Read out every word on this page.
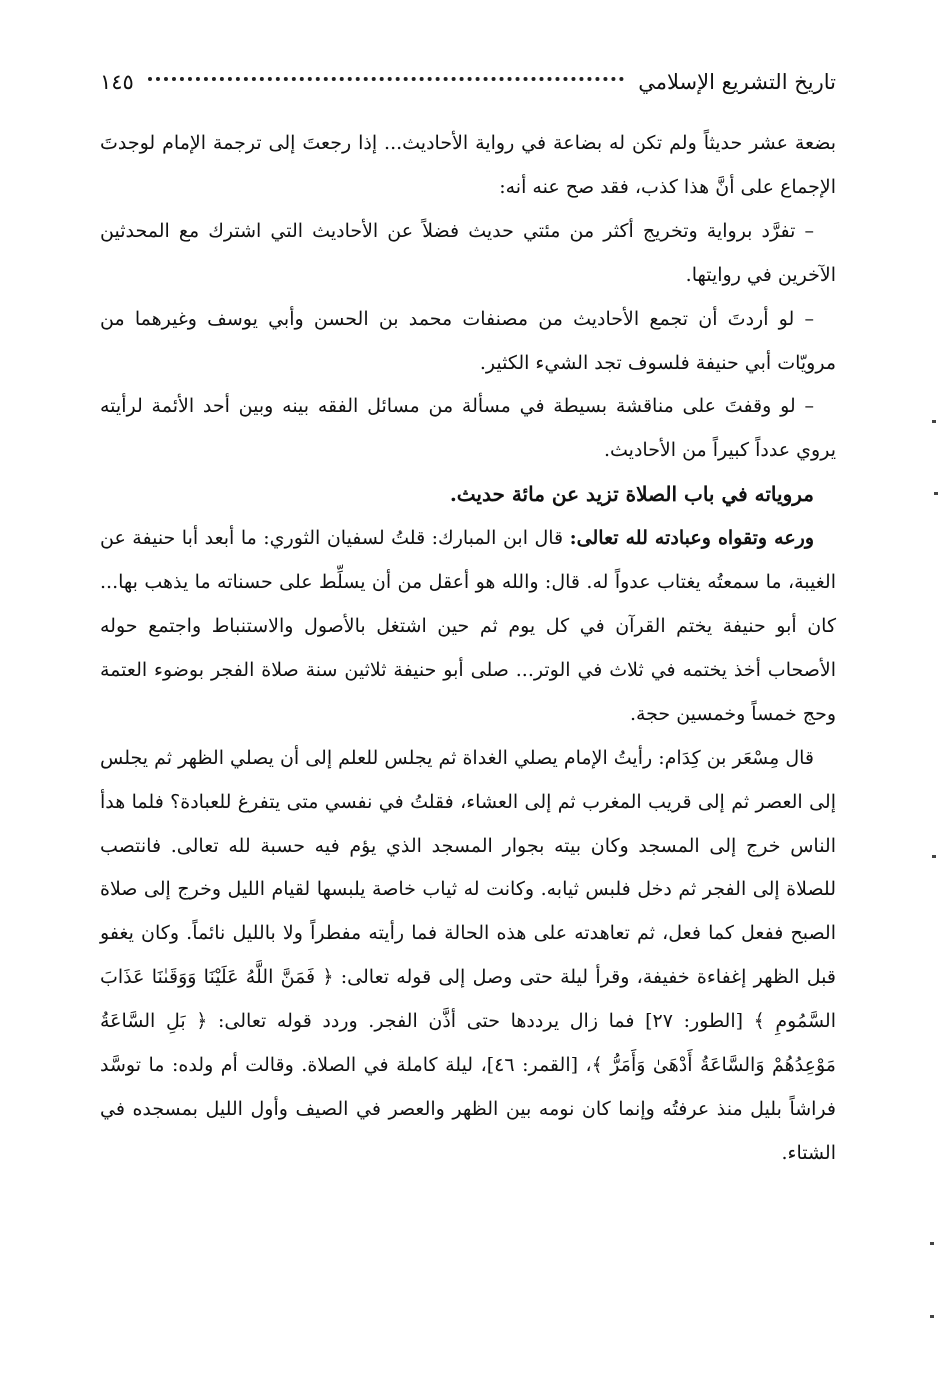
تاريخ التشريع الإسلامي
١٤٥

بضعة عشر حديثاً ولم تكن له بضاعة في رواية الأحاديث... إذا رجعتَ إلى ترجمة الإمام لوجدتَ الإجماع على أنَّ هذا كذب، فقد صح عنه أنه:

– تفرَّد برواية وتخريج أكثر من مئتي حديث فضلاً عن الأحاديث التي اشترك مع المحدثين الآخرين في روايتها.

– لو أردتَ أن تجمع الأحاديث من مصنفات محمد بن الحسن وأبي يوسف وغيرهما من مرويّات أبي حنيفة فلسوف تجد الشيء الكثير.

– لو وقفتَ على مناقشة بسيطة في مسألة من مسائل الفقه بينه وبين أحد الأئمة لرأيته يروي عدداً كبيراً من الأحاديث.

مروياته في باب الصلاة تزيد عن مائة حديث.

ورعه وتقواه وعبادته لله تعالى: قال ابن المبارك: قلتُ لسفيان الثوري: ما أبعد أبا حنيفة عن الغيبة، ما سمعتُه يغتاب عدواً له. قال: والله هو أعقل من أن يسلِّط على حسناته ما يذهب بها... كان أبو حنيفة يختم القرآن في كل يوم ثم حين اشتغل بالأصول والاستنباط واجتمع حوله الأصحاب أخذ يختمه في ثلاث في الوتر... صلى أبو حنيفة ثلاثين سنة صلاة الفجر بوضوء العتمة وحج خمساً وخمسين حجة.

قال مِسْعَر بن كِدَام: رأيتُ الإمام يصلي الغداة ثم يجلس للعلم إلى أن يصلي الظهر ثم يجلس إلى العصر ثم إلى قريب المغرب ثم إلى العشاء، فقلتُ في نفسي متى يتفرغ للعبادة؟ فلما هدأ الناس خرج إلى المسجد وكان بيته بجوار المسجد الذي يؤم فيه حسبة لله تعالى. فانتصب للصلاة إلى الفجر ثم دخل فلبس ثيابه. وكانت له ثياب خاصة يلبسها لقيام الليل وخرج إلى صلاة الصبح ففعل كما فعل، ثم تعاهدته على هذه الحالة فما رأيته مفطراً ولا بالليل نائماً. وكان يغفو قبل الظهر إغفاءة خفيفة، وقرأ ليلة حتى وصل إلى قوله تعالى: ﴿ فَمَنَّ اللَّهُ عَلَيْنَا وَوَقَىٰنَا عَذَابَ السَّمُومِ ﴾ [الطور: ٢٧] فما زال يرددها حتى أذَّن الفجر. وردد قوله تعالى: ﴿ بَلِ السَّاعَةُ مَوْعِدُهُمْ وَالسَّاعَةُ أَدْهَىٰ وَأَمَرُّ ﴾، [القمر: ٤٦]، ليلة كاملة في الصلاة. وقالت أم ولده: ما توسَّد فراشاً بليل منذ عرفتُه وإنما كان نومه بين الظهر والعصر في الصيف وأول الليل بمسجده في الشتاء.
